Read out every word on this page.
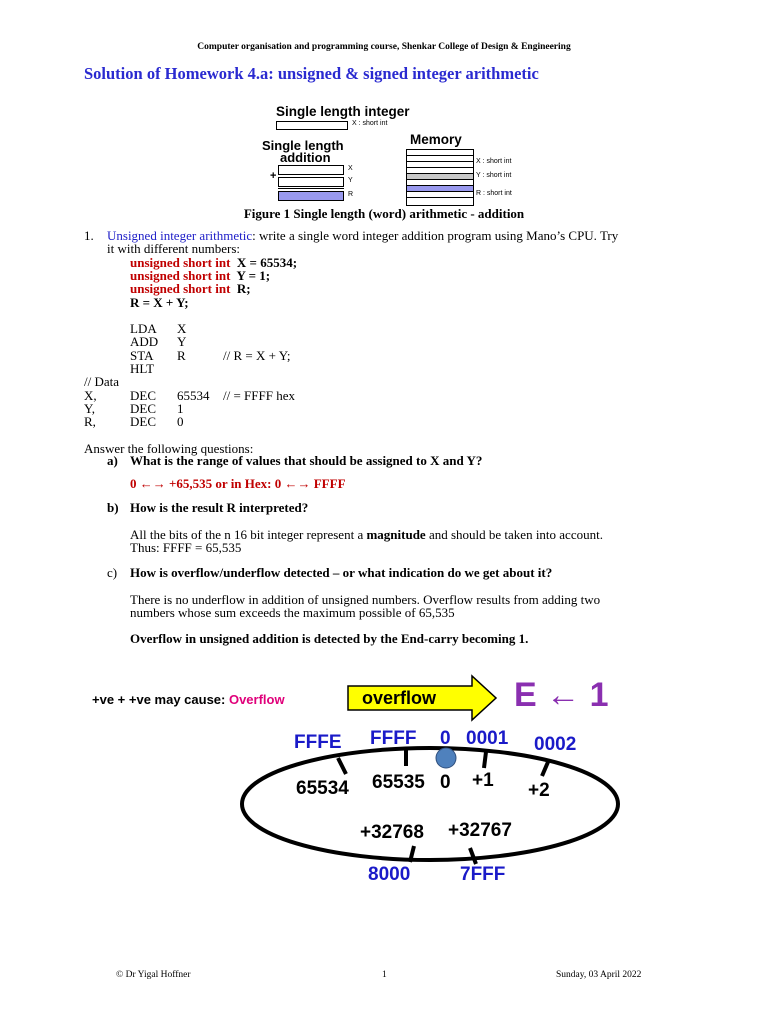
Computer organisation and programming course, Shenkar College of Design & Engineering
Solution of Homework 4.a: unsigned & signed integer arithmetic
Single length integer
X : short int
Single length
addition
X
+	Y
R
Memory
X : short int
Y : short int
R : short int
Figure 1 Single length (word) arithmetic - addition
1. Unsigned integer arithmetic: write a single word integer addition program using Mano’s CPU. Try
it with different numbers:
unsigned short int X = 65534;
unsigned short int Y = 1;
unsigned short int R;
R = X + Y;
LDA X
ADD Y
STA R	// R = X + Y;
HLT
// Data
X,	DEC 65534 // = FFFF hex
Y,	DEC 1
R,	DEC 0
Answer the following questions:
a) What is the range of values that should be assigned to X and Y?
0 ←→ +65,535 or in Hex: 0 ←→ FFFF
b) How is the result R interpreted?
All the bits of the n 16 bit integer represent a magnitude and should be taken into account.
Thus: FFFF = 65,535
c) How is overflow/underflow detected – or what indication do we get about it?
There is no underflow in addition of unsigned numbers. Overflow results from adding two
numbers whose sum exceeds the maximum possible of 65,535
Overflow in unsigned addition is detected by the End-carry becoming 1.
+ve + +ve may cause: Overflow	overflow E ← 1
FFFE FFFF 0 0001 0002
65534 65535 0 +1 +2
+32768 +32767
8000	7FFF
© Dr Yigal Hoffner	1	Sunday, 03 April 2022
